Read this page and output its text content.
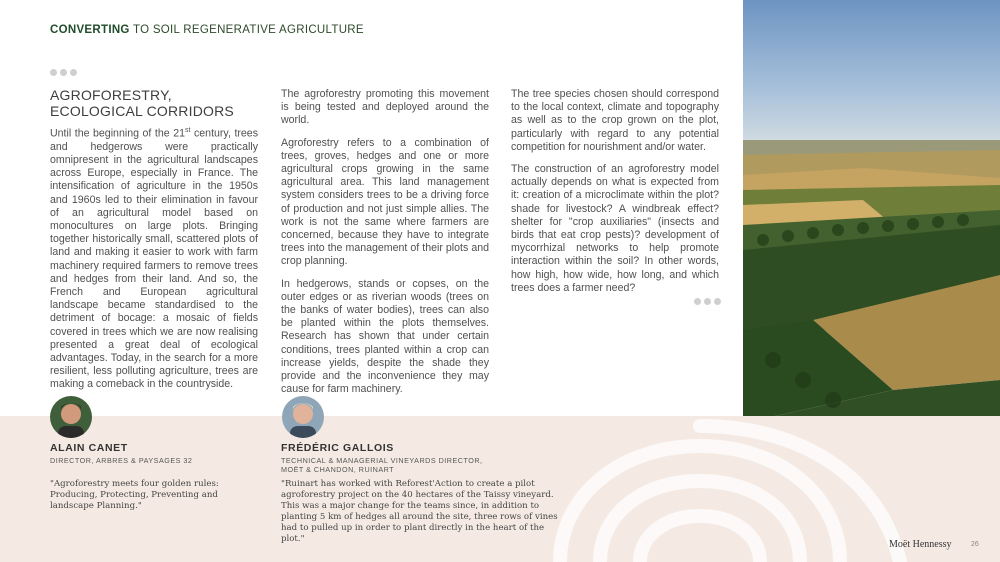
CONVERTING TO SOIL REGENERATIVE AGRICULTURE
AGROFORESTRY,
ECOLOGICAL CORRIDORS

Until the beginning of the 21st century, trees and hedgerows were practically omnipresent in the agricultural landscapes across Europe, especially in France. The intensification of agriculture in the 1950s and 1960s led to their elimination in favour of an agricultural model based on monocultures on large plots. Bringing together historically small, scattered plots of land and making it easier to work with farm machinery required farmers to remove trees and hedges from their land. And so, the French and European agricultural landscape became standardised to the detriment of bocage: a mosaic of fields covered in trees which we are now realising presented a great deal of ecological advantages. Today, in the search for a more resilient, less polluting agriculture, trees are making a comeback in the countryside.

The agroforestry promoting this movement is being tested and deployed around the world.

Agroforestry refers to a combination of trees, groves, hedges and one or more agricultural crops growing in the same agricultural area. This land management system considers trees to be a driving force of production and not just simple allies. The work is not the same where farmers are concerned, because they have to integrate trees into the management of their plots and crop planning.

In hedgerows, stands or copses, on the outer edges or as riverian woods (trees on the banks of water bodies), trees can also be planted within the plots themselves. Research has shown that under certain conditions, trees planted within a crop can increase yields, despite the shade they provide and the inconvenience they may cause for farm machinery.

The tree species chosen should correspond to the local context, climate and topography as well as to the crop grown on the plot, particularly with regard to any potential competition for nourishment and/or water.

The construction of an agroforestry model actually depends on what is expected from it: creation of a microclimate within the plot? shade for livestock? A windbreak effect? shelter for "crop auxiliaries" (insects and birds that eat crop pests)? development of mycorrhizal networks to help promote interaction within the soil? In other words, how high, how wide, how long, and which trees does a farmer need?

ALAIN CANET
DIRECTOR, ARBRES & PAYSAGES 32
"Agroforestry meets four golden rules: Producing, Protecting, Preventing and landscape Planning."
FRÉDÉRIC GALLOIS
TECHNICAL & MANAGERIAL VINEYARDS DIRECTOR,
MOËT & CHANDON, RUINART
"Ruinart has worked with Reforest'Action to create a pilot agroforestry project on the 40 hectares of the Taissy vineyard. This was a major change for the teams since, in addition to planting 5 km of hedges all around the site, three rows of vines had to pulled up in order to plant directly in the heart of the plot."	Moët Hennessy	26
